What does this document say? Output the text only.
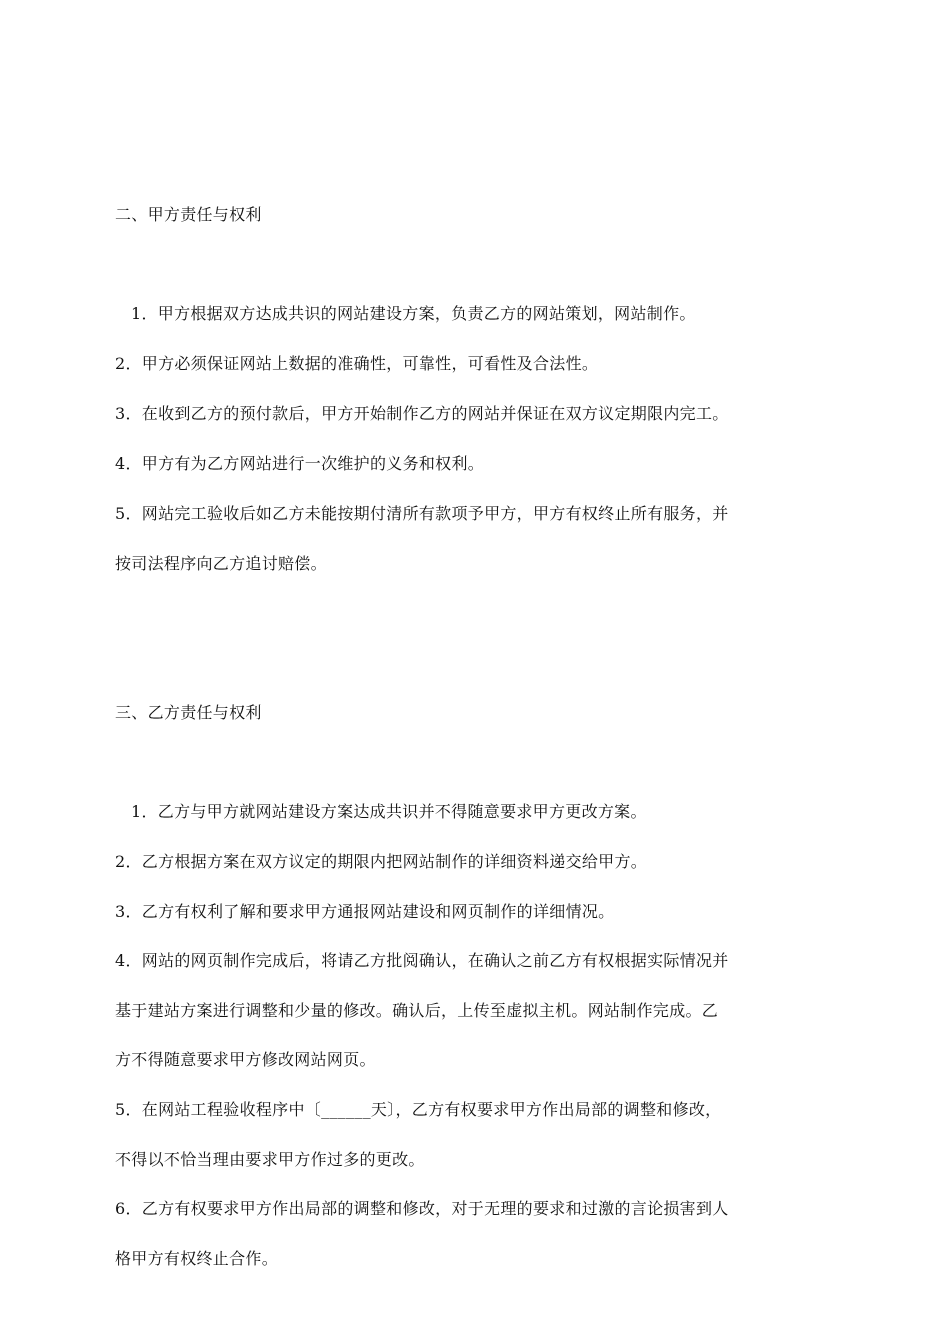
二、甲方责任与权利
1．甲方根据双方达成共识的网站建设方案，负责乙方的网站策划，网站制作。
2．甲方必须保证网站上数据的准确性，可靠性，可看性及合法性。
3．在收到乙方的预付款后，甲方开始制作乙方的网站并保证在双方议定期限内完工。
4．甲方有为乙方网站进行一次维护的义务和权利。
5．网站完工验收后如乙方未能按期付清所有款项予甲方，甲方有权终止所有服务，并
按司法程序向乙方追讨赔偿。
三、乙方责任与权利
1．乙方与甲方就网站建设方案达成共识并不得随意要求甲方更改方案。
2．乙方根据方案在双方议定的期限内把网站制作的详细资料递交给甲方。
3．乙方有权利了解和要求甲方通报网站建设和网页制作的详细情况。
4．网站的网页制作完成后，将请乙方批阅确认，在确认之前乙方有权根据实际情况并
基于建站方案进行调整和少量的修改。确认后，上传至虚拟主机。网站制作完成。乙
方不得随意要求甲方修改网站网页。
5．在网站工程验收程序中〔______天〕，乙方有权要求甲方作出局部的调整和修改，
不得以不恰当理由要求甲方作过多的更改。
6．乙方有权要求甲方作出局部的调整和修改，对于无理的要求和过激的言论损害到人
格甲方有权终止合作。
